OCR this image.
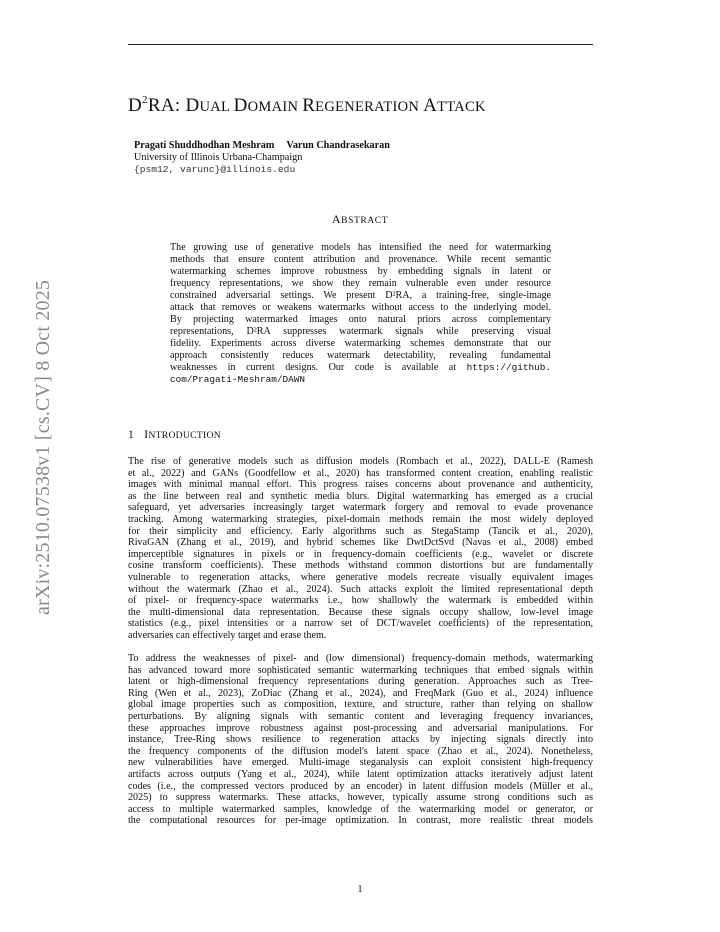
arXiv:2510.07538v1 [cs.CV] 8 Oct 2025
$D^2RA$: DUAL DOMAIN REGENERATION ATTACK
Pragati Shuddhodhan Meshram Varun Chandrasekaran
University of Illinois Urbana-Champaign
{psm12, varunc}@illinois.edu
ABSTRACT
The growing use of generative models has intensified the need for watermarking
methods that ensure content attribution and provenance. While recent semantic
watermarking schemes improve robustness by embedding signals in latent or
frequency representations, we show they remain vulnerable even under resource
constrained adversarial settings. We present D²RA, a training-free, single-image
attack that removes or weakens watermarks without access to the underlying model.
By projecting watermarked images onto natural priors across complementary
representations, D²RA suppresses watermark signals while preserving visual
fidelity. Experiments across diverse watermarking schemes demonstrate that our
approach consistently reduces watermark detectability, revealing fundamental
weaknesses in current designs. Our code is available at https://github.
com/Pragati-Meshram/DAWN
1 INTRODUCTION
The rise of generative models such as diffusion models (Rombach et al., 2022), DALL-E (Ramesh
et al., 2022) and GANs (Goodfellow et al., 2020) has transformed content creation, enabling realistic
images with minimal manual effort. This progress raises concerns about provenance and authenticity,
as the line between real and synthetic media blurs. Digital watermarking has emerged as a crucial
safeguard, yet adversaries increasingly target watermark forgery and removal to evade provenance
tracking. Among watermarking strategies, pixel-domain methods remain the most widely deployed
for their simplicity and efficiency. Early algorithms such as StegaStamp (Tancik et al., 2020),
RivaGAN (Zhang et al., 2019), and hybrid schemes like DwtDctSvd (Navas et al., 2008) embed
imperceptible signatures in pixels or in frequency-domain coefficients (e.g., wavelet or discrete
cosine transform coefficients). These methods withstand common distortions but are fundamentally
vulnerable to regeneration attacks, where generative models recreate visually equivalent images
without the watermark (Zhao et al., 2024). Such attacks exploit the limited representational depth
of pixel- or frequency-space watermarks i.e., how shallowly the watermark is embedded within
the multi-dimensional data representation. Because these signals occupy shallow, low-level image
statistics (e.g., pixel intensities or a narrow set of DCT/wavelet coefficients) of the representation,
adversaries can effectively target and erase them.
To address the weaknesses of pixel- and (low dimensional) frequency-domain methods, watermarking
has advanced toward more sophisticated semantic watermarking techniques that embed signals within
latent or high-dimensional frequency representations during generation. Approaches such as Tree-
Ring (Wen et al., 2023), ZoDiac (Zhang et al., 2024), and FreqMark (Guo et al., 2024) influence
global image properties such as composition, texture, and structure, rather than relying on shallow
perturbations. By aligning signals with semantic content and leveraging frequency invariances,
these approaches improve robustness against post-processing and adversarial manipulations. For
instance, Tree-Ring shows resilience to regeneration attacks by injecting signals directly into
the frequency components of the diffusion model's latent space (Zhao et al., 2024). Nonetheless,
new vulnerabilities have emerged. Multi-image steganalysis can exploit consistent high-frequency
artifacts across outputs (Yang et al., 2024), while latent optimization attacks iteratively adjust latent
codes (i.e., the compressed vectors produced by an encoder) in latent diffusion models (Müller et al.,
2025) to suppress watermarks. These attacks, however, typically assume strong conditions such as
access to multiple watermarked samples, knowledge of the watermarking model or generator, or
the computational resources for per-image optimization. In contrast, more realistic threat models
1
